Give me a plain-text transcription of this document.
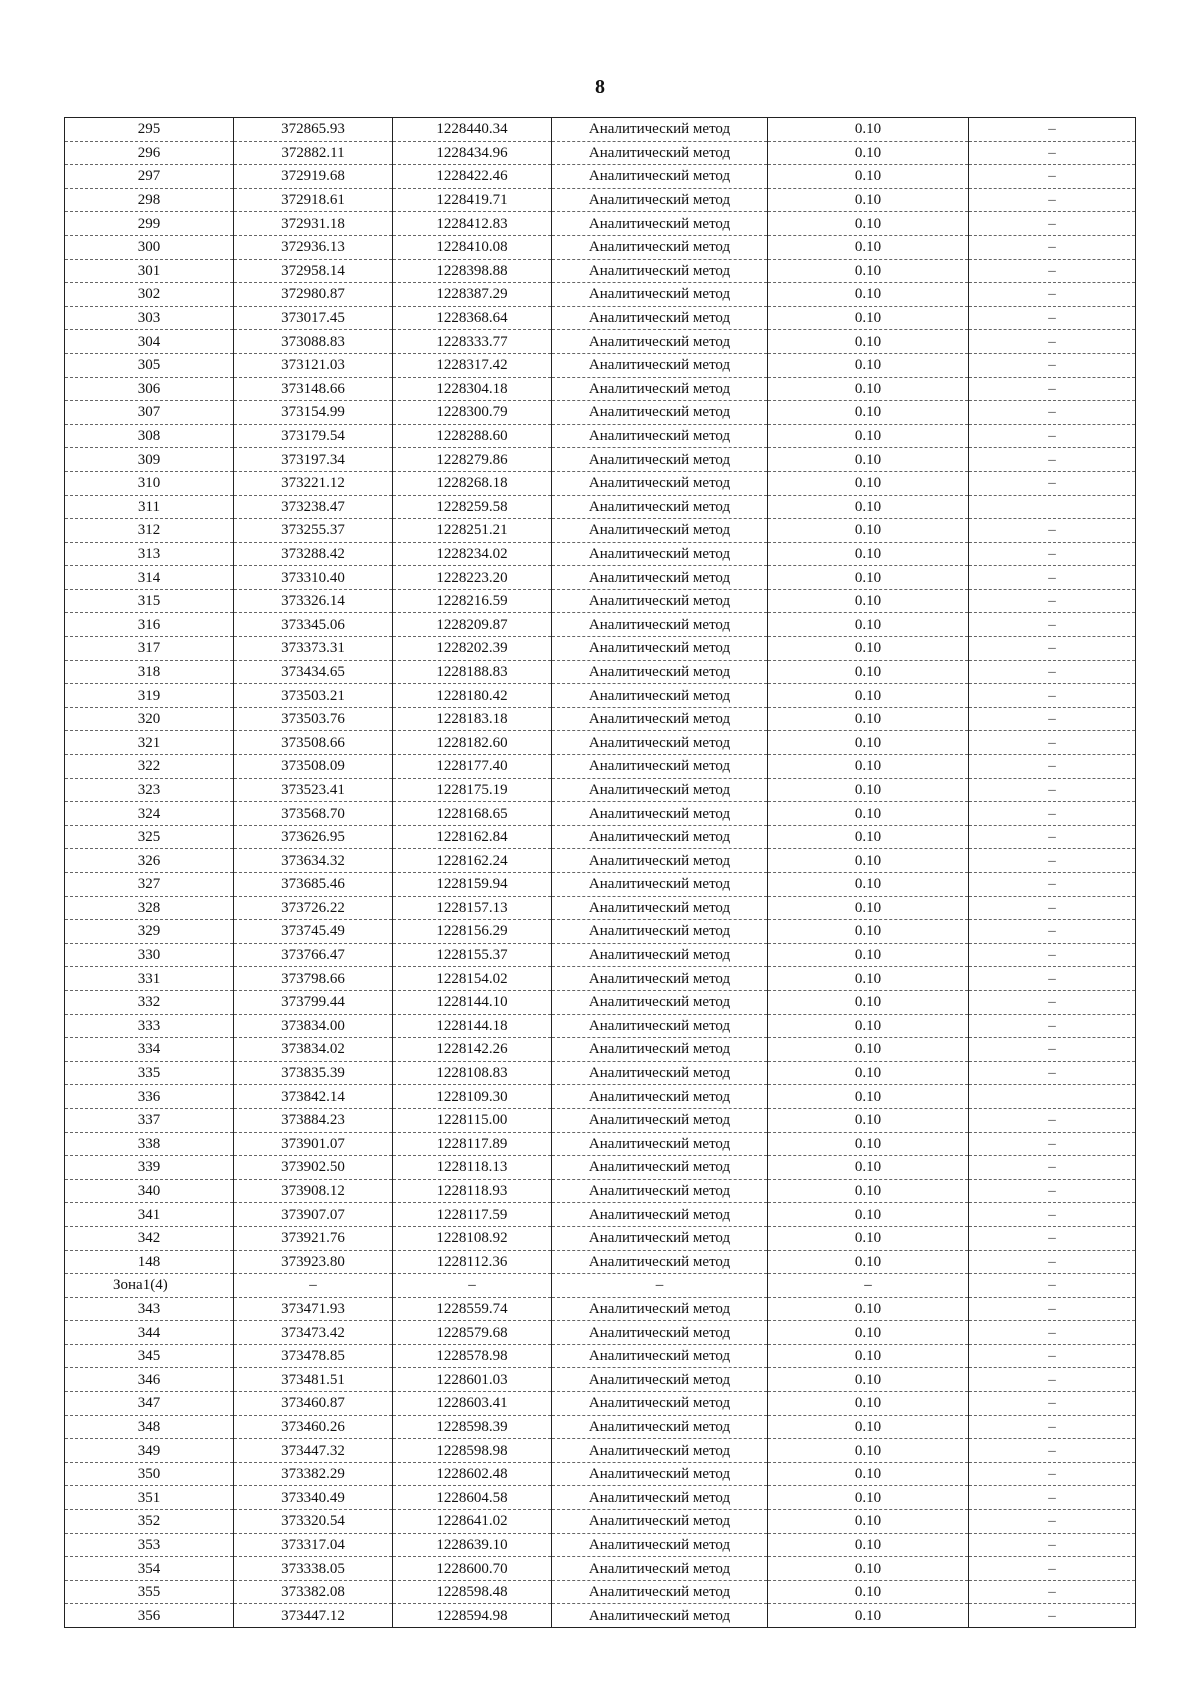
8
295	372865.93	1228440.34	Аналитический метод	0.10	–
296	372882.11	1228434.96	Аналитический метод	0.10	–
297	372919.68	1228422.46	Аналитический метод	0.10	–
298	372918.61	1228419.71	Аналитический метод	0.10	–
299	372931.18	1228412.83	Аналитический метод	0.10	–
300	372936.13	1228410.08	Аналитический метод	0.10	–
301	372958.14	1228398.88	Аналитический метод	0.10	–
302	372980.87	1228387.29	Аналитический метод	0.10	–
303	373017.45	1228368.64	Аналитический метод	0.10	–
304	373088.83	1228333.77	Аналитический метод	0.10	–
305	373121.03	1228317.42	Аналитический метод	0.10	–
306	373148.66	1228304.18	Аналитический метод	0.10	–
307	373154.99	1228300.79	Аналитический метод	0.10	–
308	373179.54	1228288.60	Аналитический метод	0.10	–
309	373197.34	1228279.86	Аналитический метод	0.10	–
310	373221.12	1228268.18	Аналитический метод	0.10	–
311	373238.47	1228259.58	Аналитический метод	0.10	
312	373255.37	1228251.21	Аналитический метод	0.10	–
313	373288.42	1228234.02	Аналитический метод	0.10	–
314	373310.40	1228223.20	Аналитический метод	0.10	–
315	373326.14	1228216.59	Аналитический метод	0.10	–
316	373345.06	1228209.87	Аналитический метод	0.10	–
317	373373.31	1228202.39	Аналитический метод	0.10	–
318	373434.65	1228188.83	Аналитический метод	0.10	–
319	373503.21	1228180.42	Аналитический метод	0.10	–
320	373503.76	1228183.18	Аналитический метод	0.10	–
321	373508.66	1228182.60	Аналитический метод	0.10	–
322	373508.09	1228177.40	Аналитический метод	0.10	–
323	373523.41	1228175.19	Аналитический метод	0.10	–
324	373568.70	1228168.65	Аналитический метод	0.10	–
325	373626.95	1228162.84	Аналитический метод	0.10	–
326	373634.32	1228162.24	Аналитический метод	0.10	–
327	373685.46	1228159.94	Аналитический метод	0.10	–
328	373726.22	1228157.13	Аналитический метод	0.10	–
329	373745.49	1228156.29	Аналитический метод	0.10	–
330	373766.47	1228155.37	Аналитический метод	0.10	–
331	373798.66	1228154.02	Аналитический метод	0.10	–
332	373799.44	1228144.10	Аналитический метод	0.10	–
333	373834.00	1228144.18	Аналитический метод	0.10	–
334	373834.02	1228142.26	Аналитический метод	0.10	–
335	373835.39	1228108.83	Аналитический метод	0.10	–
336	373842.14	1228109.30	Аналитический метод	0.10	
337	373884.23	1228115.00	Аналитический метод	0.10	–
338	373901.07	1228117.89	Аналитический метод	0.10	–
339	373902.50	1228118.13	Аналитический метод	0.10	–
340	373908.12	1228118.93	Аналитический метод	0.10	–
341	373907.07	1228117.59	Аналитический метод	0.10	–
342	373921.76	1228108.92	Аналитический метод	0.10	–
148	373923.80	1228112.36	Аналитический метод	0.10	–
Зона1(4)	–	–	–	–	–
343	373471.93	1228559.74	Аналитический метод	0.10	–
344	373473.42	1228579.68	Аналитический метод	0.10	–
345	373478.85	1228578.98	Аналитический метод	0.10	–
346	373481.51	1228601.03	Аналитический метод	0.10	–
347	373460.87	1228603.41	Аналитический метод	0.10	–
348	373460.26	1228598.39	Аналитический метод	0.10	–
349	373447.32	1228598.98	Аналитический метод	0.10	–
350	373382.29	1228602.48	Аналитический метод	0.10	–
351	373340.49	1228604.58	Аналитический метод	0.10	–
352	373320.54	1228641.02	Аналитический метод	0.10	–
353	373317.04	1228639.10	Аналитический метод	0.10	–
354	373338.05	1228600.70	Аналитический метод	0.10	–
355	373382.08	1228598.48	Аналитический метод	0.10	–
356	373447.12	1228594.98	Аналитический метод	0.10	–
